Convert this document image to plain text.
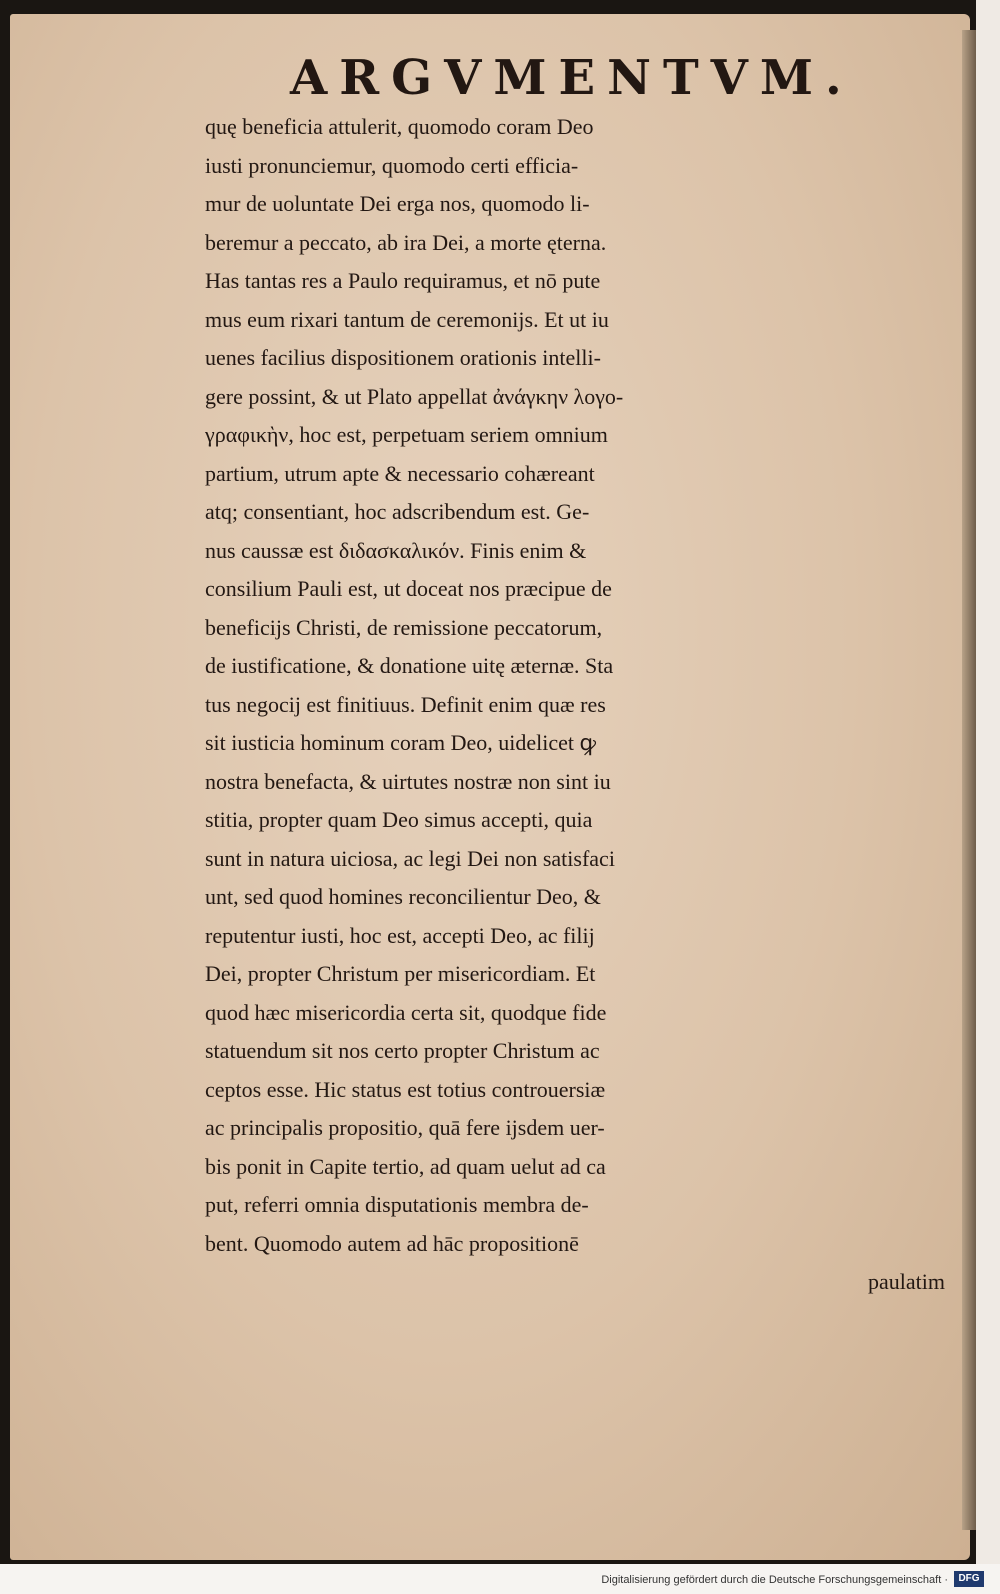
ARGVMENTVM.
quę beneficia attulerit, quomodo coram Deo
iusti pronunciemur, quomodo certi efficia-
mur de uoluntate Dei erga nos, quomodo li-
beremur a peccato, ab ira Dei, a morte ęterna.
Has tantas res a Paulo requiramus, et nō pute
mus eum rixari tantum de ceremonijs. Et ut iu
uenes facilius dispositionem orationis intelli-
gere possint, & ut Plato appellat ἀνάγκην λογο-
γραφικὴν, hoc est, perpetuam seriem omnium
partium, utrum apte & necessario cohæreant
atq; consentiant, hoc adscribendum est. Ge-
nus caussæ est διδασκαλικόν. Finis enim &
consilium Pauli est, ut doceat nos præcipue de
beneficijs Christi, de remissione peccatorum,
de iustificatione, & donatione uitę æternæ. Sta
tus negocij est finitiuus. Definit enim quæ res
sit iusticia hominum coram Deo, uidelicet ꝙ
nostra benefacta, & uirtutes nostræ non sint iu
stitia, propter quam Deo simus accepti, quia
sunt in natura uiciosa, ac legi Dei non satisfaci
unt, sed quod homines reconcilientur Deo, &
reputentur iusti, hoc est, accepti Deo, ac filij
Dei, propter Christum per misericordiam. Et
quod hæc misericordia certa sit, quodque fide
statuendum sit nos certo propter Christum ac
ceptos esse. Hic status est totius controuersiæ
ac principalis propositio, quā fere ijsdem uer-
bis ponit in Capite tertio, ad quam uelut ad ca
put, referri omnia disputationis membra de-
bent. Quomodo autem ad hāc propositionē
paulatim
Digitalisierung gefördert durch die Deutsche Forschungsgemeinschaft ·	DFG
